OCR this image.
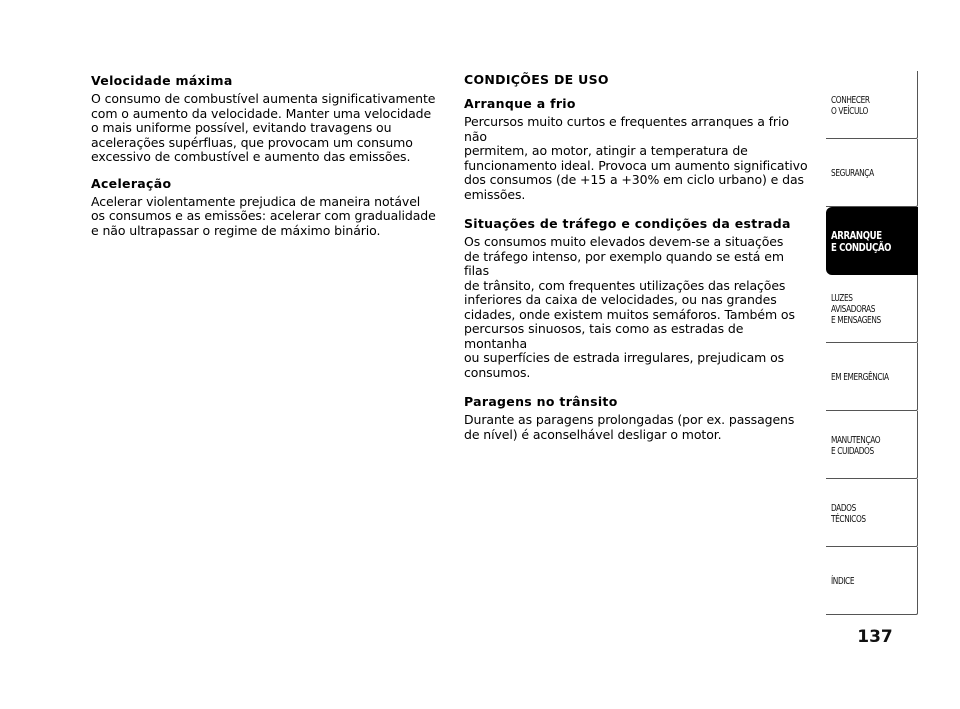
Velocidade máxima
O consumo de combustível aumenta significativamente
com o aumento da velocidade. Manter uma velocidade
o mais uniforme possível, evitando travagens ou
acelerações supérfluas, que provocam um consumo
excessivo de combustível e aumento das emissões.
Aceleração
Acelerar violentamente prejudica de maneira notável
os consumos e as emissões: acelerar com gradualidade
e não ultrapassar o regime de máximo binário.
CONDIÇÕES DE USO
Arranque a frio
Percursos muito curtos e frequentes arranques a frio não
permitem, ao motor, atingir a temperatura de
funcionamento ideal. Provoca um aumento significativo
dos consumos (de +15 a +30% em ciclo urbano) e das
emissões.
Situações de tráfego e condições da estrada
Os consumos muito elevados devem-se a situações
de tráfego intenso, por exemplo quando se está em filas
de trânsito, com frequentes utilizações das relações
inferiores da caixa de velocidades, ou nas grandes
cidades, onde existem muitos semáforos. Também os
percursos sinuosos, tais como as estradas de montanha
ou superfícies de estrada irregulares, prejudicam os
consumos.
Paragens no trânsito
Durante as paragens prolongadas (por ex. passagens
de nível) é aconselhável desligar o motor.
CONHECER
O VEÍCULO
SEGURANÇA
ARRANQUE
E CONDUÇÃO
LUZES
AVISADORAS
E MENSAGENS
EM EMERGÊNCIA
MANUTENÇÃO
E CUIDADOS
DADOS
TÉCNICOS
ÍNDICE
137
